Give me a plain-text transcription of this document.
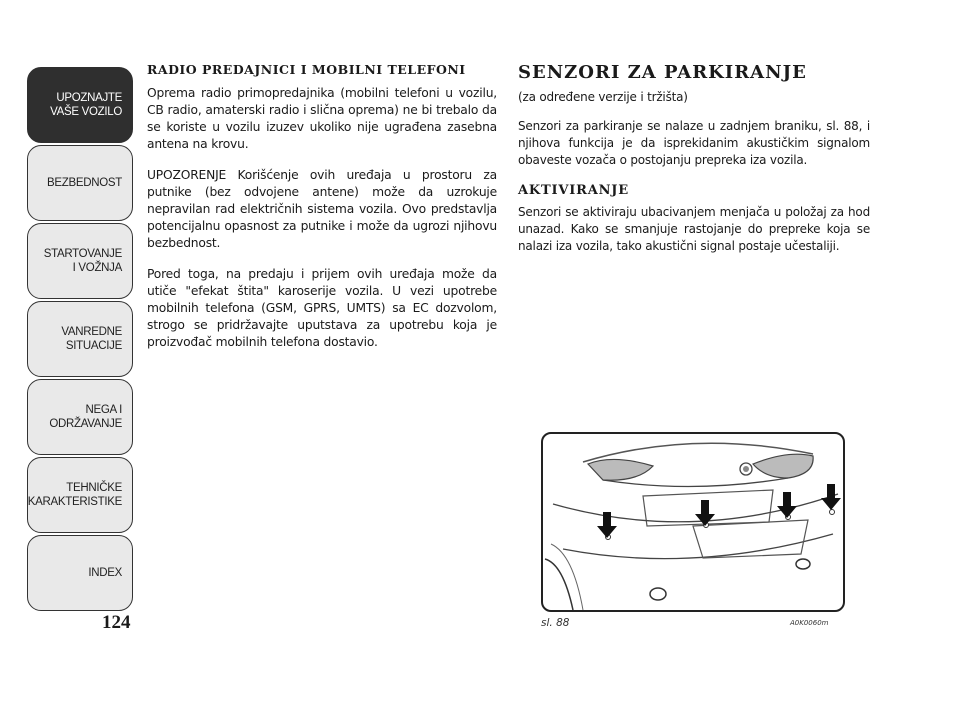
UPOZNAJTE
VAŠE VOZILO
BEZBEDNOST
STARTOVANJE
I VOŽNJA
VANREDNE
SITUACIJE
NEGA I
ODRŽAVANJE
TEHNIČKE
KARAKTERISTIKE
INDEX
124
RADIO PREDAJNICI I MOBILNI TELEFONI

Oprema radio primopredajnika (mobilni telefoni u vozilu, CB radio, amaterski radio i slična oprema) ne bi trebalo da se koriste u vozilu izuzev ukoliko nije ugrađena zasebna antena na krovu.

UPOZORENJE Korišćenje ovih uređaja u prostoru za putnike (bez odvojene antene) može da uzrokuje nepravilan rad električnih sistema vozila. Ovo predstavlja potencijalnu opasnost za putnike i može da ugrozi njihovu bezbednost.

Pored toga, na predaju i prijem ovih uređaja može da utiče "efekat štita" karoserije vozila. U vezi upotrebe mobilnih telefona (GSM, GPRS, UMTS) sa EC dozvolom, strogo se pridržavajte uputstava za upotrebu koja je proizvođač mobilnih telefona dostavio.

SENZORI ZA PARKIRANJE

(za određene verzije i tržišta)

Senzori za parkiranje se nalaze u zadnjem braniku, sl. 88, i njihova funkcija je da isprekidanim akustičkim signalom obaveste vozača o postojanju prepreka iza vozila.

AKTIVIRANJE

Senzori se aktiviraju ubacivanjem menjača u položaj za hod unazad. Kako se smanjuje rastojanje do prepreke koja se nalazi iza vozila, tako akustični signal postaje učestaliji.

sl. 88	A0K0060m
